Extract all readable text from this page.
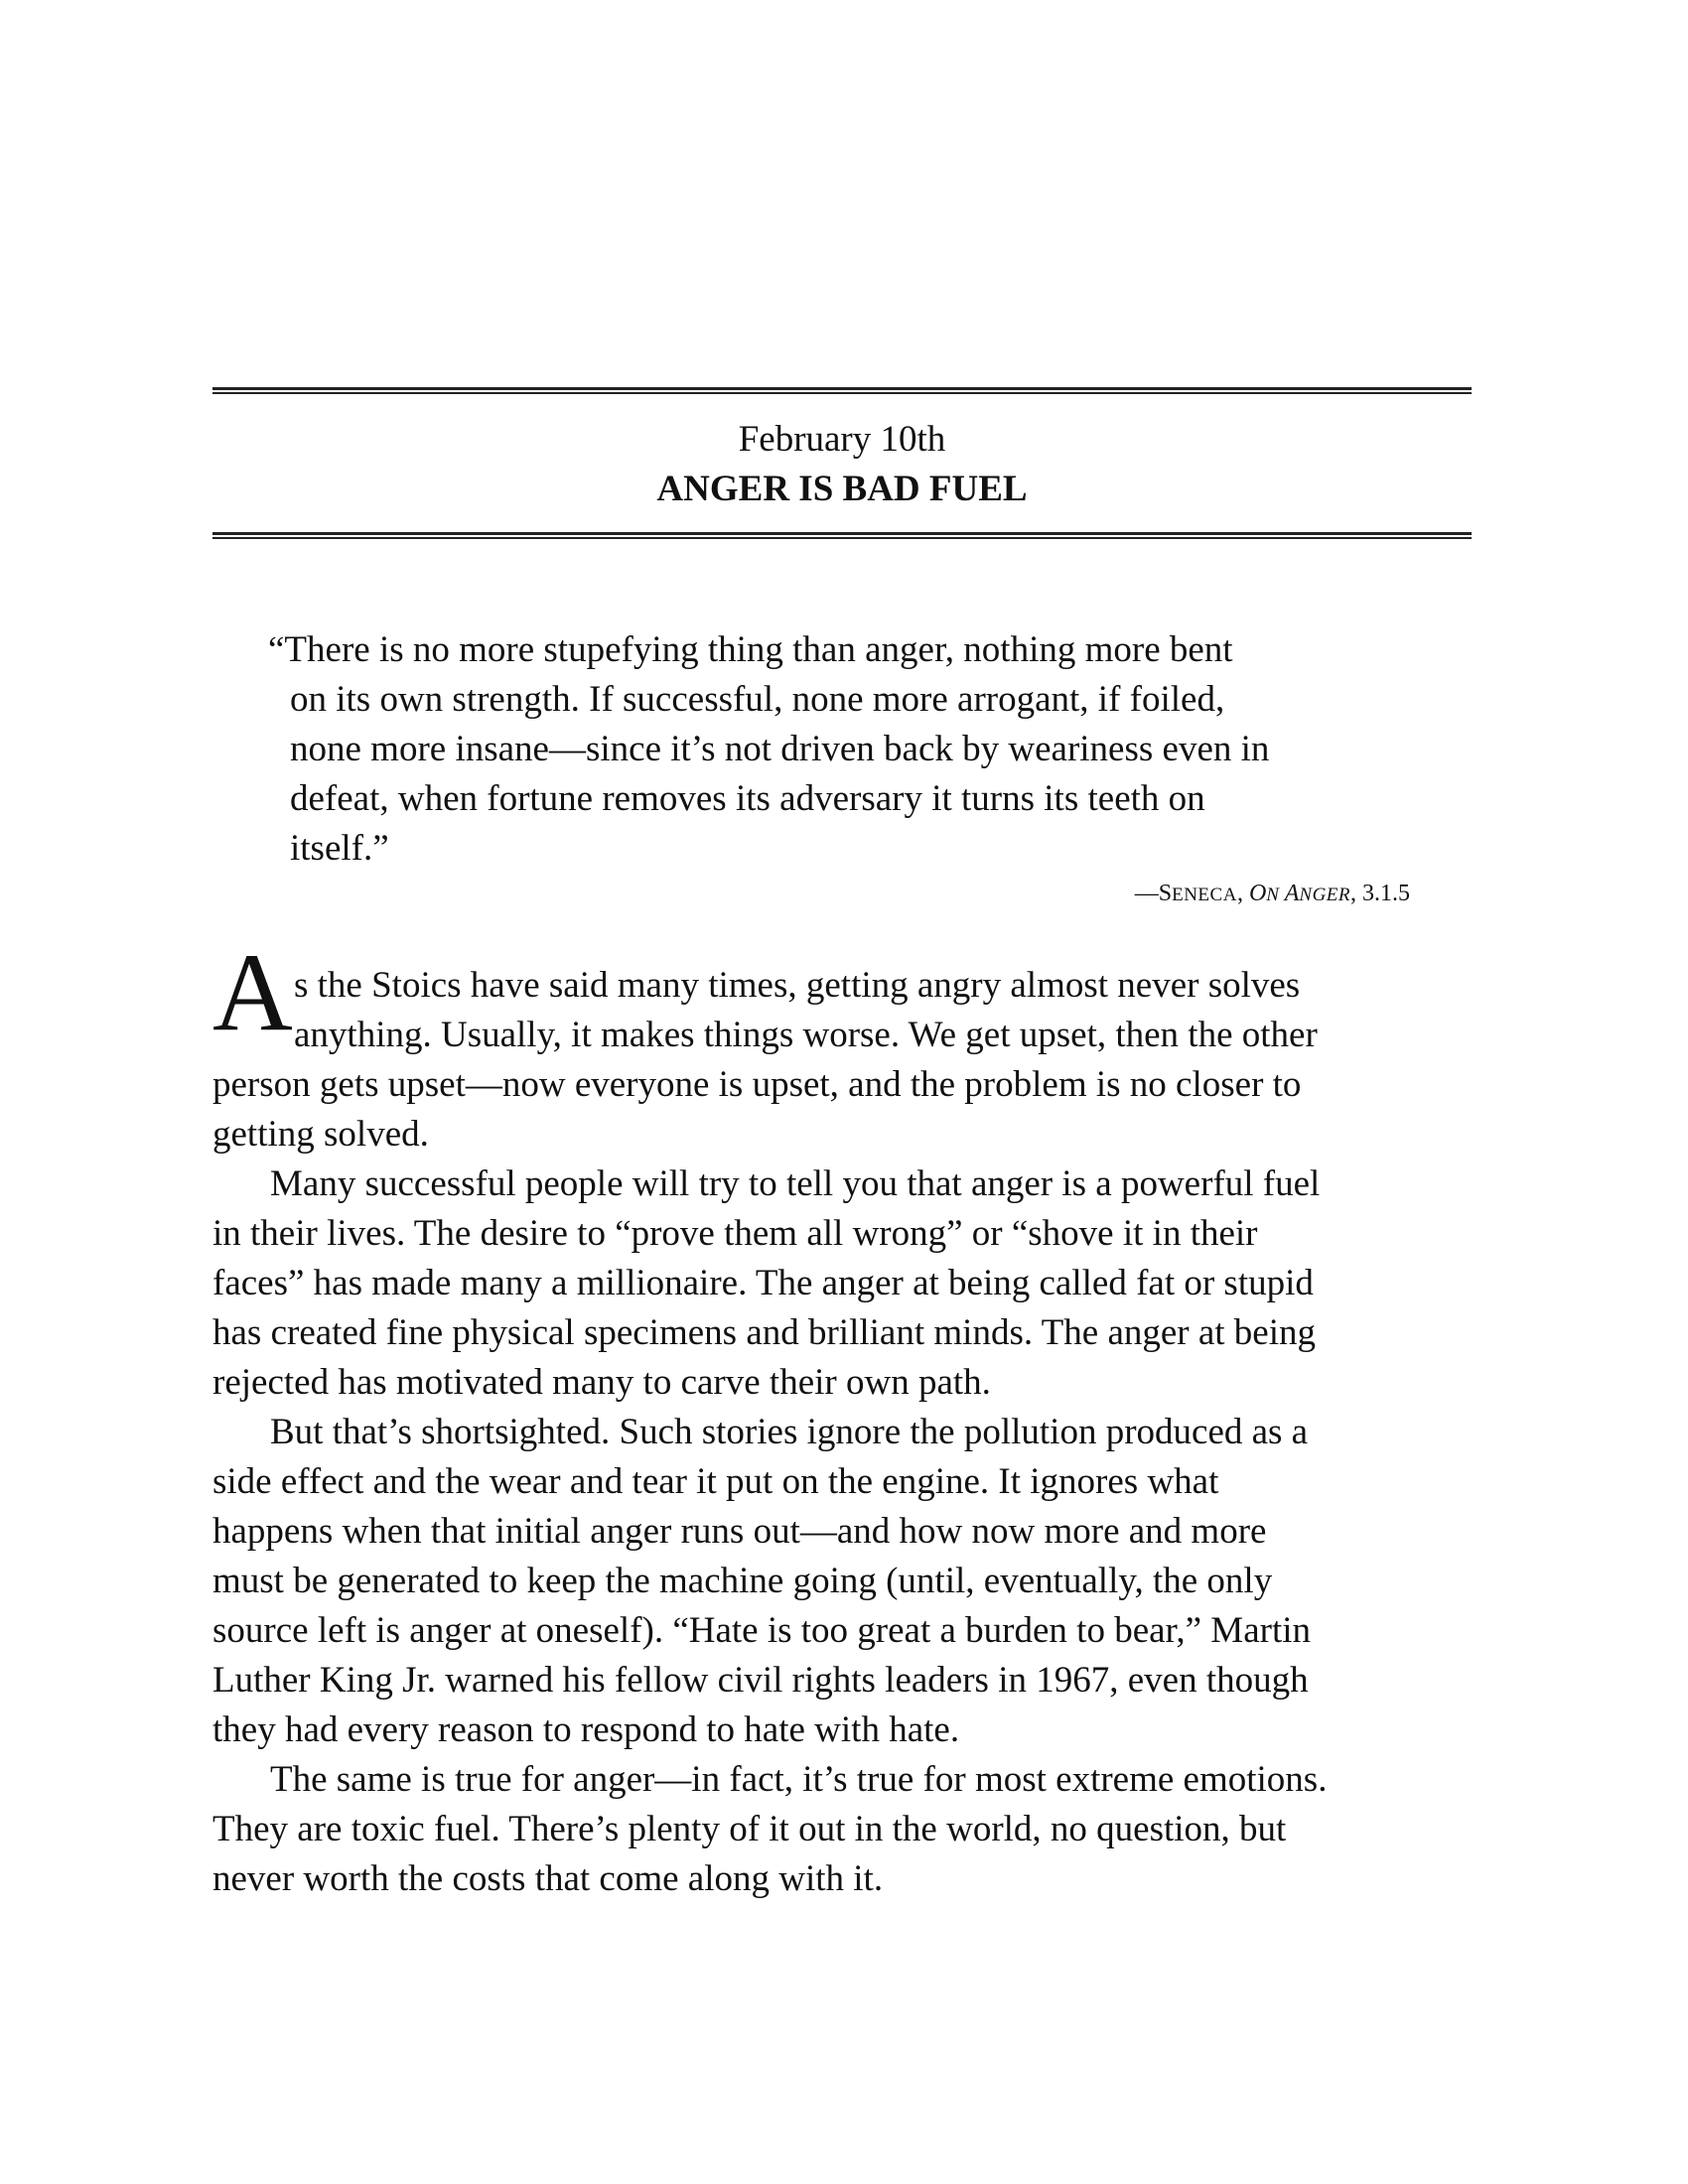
February 10th
ANGER IS BAD FUEL
“There is no more stupefying thing than anger, nothing more bent
on its own strength. If successful, none more arrogant, if foiled,
none more insane—since it’s not driven back by weariness even in
defeat, when fortune removes its adversary it turns its teeth on
itself.”
—SENECA, ON ANGER, 3.1.5
A s the Stoics have said many times, getting angry almost never solves
anything. Usually, it makes things worse. We get upset, then the other
person gets upset—now everyone is upset, and the problem is no closer to
getting solved.
Many successful people will try to tell you that anger is a powerful fuel
in their lives. The desire to “prove them all wrong” or “shove it in their
faces” has made many a millionaire. The anger at being called fat or stupid
has created fine physical specimens and brilliant minds. The anger at being
rejected has motivated many to carve their own path.
But that’s shortsighted. Such stories ignore the pollution produced as a
side effect and the wear and tear it put on the engine. It ignores what
happens when that initial anger runs out—and how now more and more
must be generated to keep the machine going (until, eventually, the only
source left is anger at oneself). “Hate is too great a burden to bear,” Martin
Luther King Jr. warned his fellow civil rights leaders in 1967, even though
they had every reason to respond to hate with hate.
The same is true for anger—in fact, it’s true for most extreme emotions.
They are toxic fuel. There’s plenty of it out in the world, no question, but
never worth the costs that come along with it.
